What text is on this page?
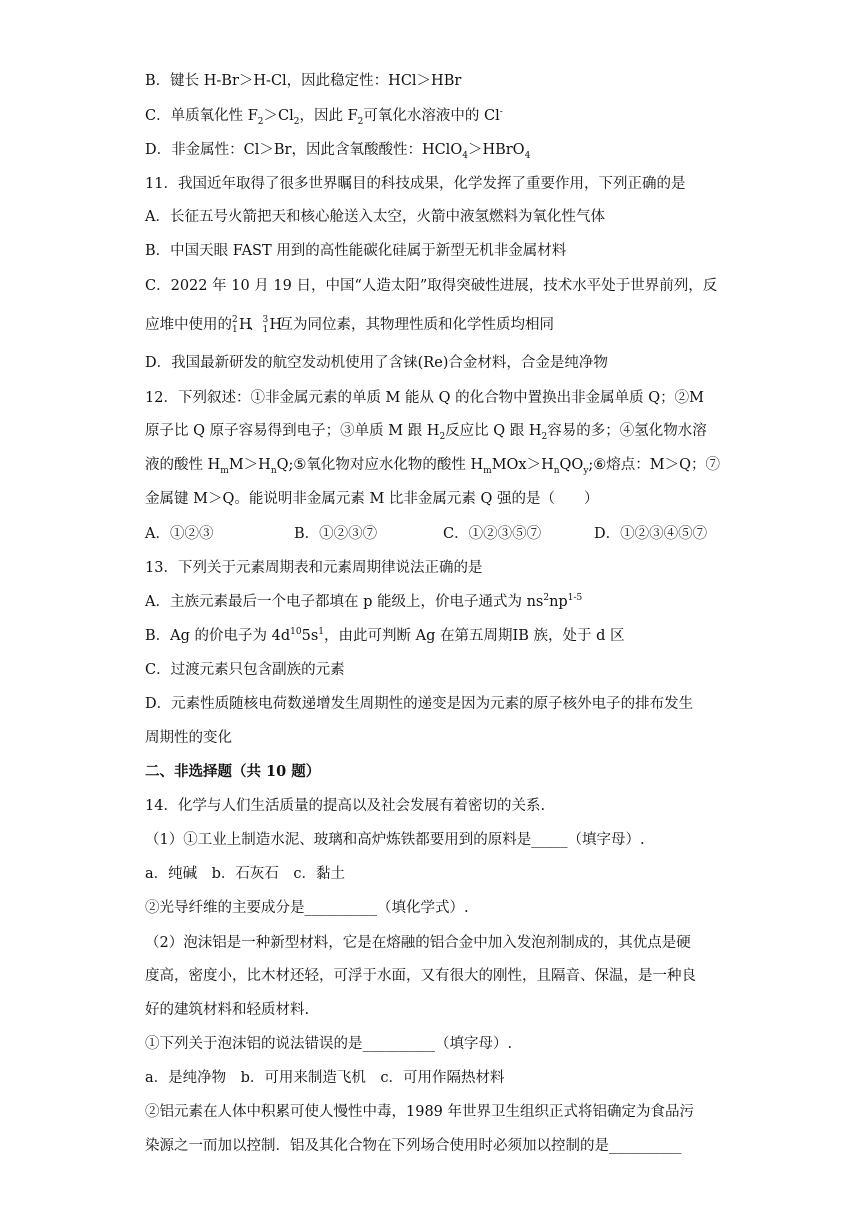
B．键长 H-Br＞H-Cl，因此稳定性：HCl＞HBr
C．单质氧化性 $F_2>Cl_2$，因此 $F_2$可氧化水溶液中的 Cl-
D．非金属性：Cl＞Br，因此含氧酸酸性：HClO$_4$＞HBrO$_4$
11．我国近年取得了很多世界瞩目的科技成果，化学发挥了重要作用，下列正确的是
A．长征五号火箭把天和核心舱送入太空，火箭中液氢燃料为氧化性气体
B．中国天眼 FAST 用到的高性能碳化硅属于新型无机非金属材料
C．2022 年 10 月 19 日，中国“人造太阳”取得突破性进展，技术水平处于世界前列，反
应堆中使用的 2
1 H
、 3
1 H
互为同位素，其物理性质和化学性质均相同
D．我国最新研发的航空发动机使用了含铼(Re)合金材料，合金是纯净物
12．下列叙述：①非金属元素的单质 M 能从 Q 的化合物中置换出非金属单质 Q；②M
原子比 Q 原子容易得到电子；③单质 M 跟 $H_2$反应比 Q 跟 $H_2$容易的多；④氢化物水溶
液的酸性 $H_mM>H_nQ;⑤$氧化物对应水化物的酸性 $H_mMOx>H_nQO_y;⑥$熔点：M＞Q；⑦
金属键 M＞Q。能说明非金属元素 M 比非金属元素 Q 强的是（　　）
A．①②③	B．①②③⑦	C．①②③⑤⑦	D．①②③④⑤⑦
13．下列关于元素周期表和元素周期律说法正确的是
A．主族元素最后一个电子都填在 p 能级上，价电子通式为 $ns^2np^{1-5}$
B．Ag 的价电子为 $4d^{10}5s^1$，由此可判断 Ag 在第五周期ⅠB 族，处于 d 区
C．过渡元素只包含副族的元素
D．元素性质随核电荷数递增发生周期性的递变是因为元素的原子核外电子的排布发生
周期性的变化
二、非选择题（共 10 题）
14．化学与人们生活质量的提高以及社会发展有着密切的关系.
（1）①工业上制造水泥、玻璃和高炉炼铁都要用到的原料是_____（填字母）.
a．纯碱　b．石灰石　c．黏土
②光导纤维的主要成分是__________（填化学式）.
（2）泡沫铝是一种新型材料，它是在熔融的铝合金中加入发泡剂制成的，其优点是硬
度高，密度小，比木材还轻，可浮于水面，又有很大的刚性，且隔音、保温，是一种良
好的建筑材料和轻质材料.
①下列关于泡沫铝的说法错误的是__________（填字母）.
a．是纯净物　b．可用来制造飞机　c．可用作隔热材料
②铝元素在人体中积累可使人慢性中毒，1989 年世界卫生组织正式将铝确定为食品污
染源之一而加以控制．铝及其化合物在下列场合使用时必须加以控制的是__________
